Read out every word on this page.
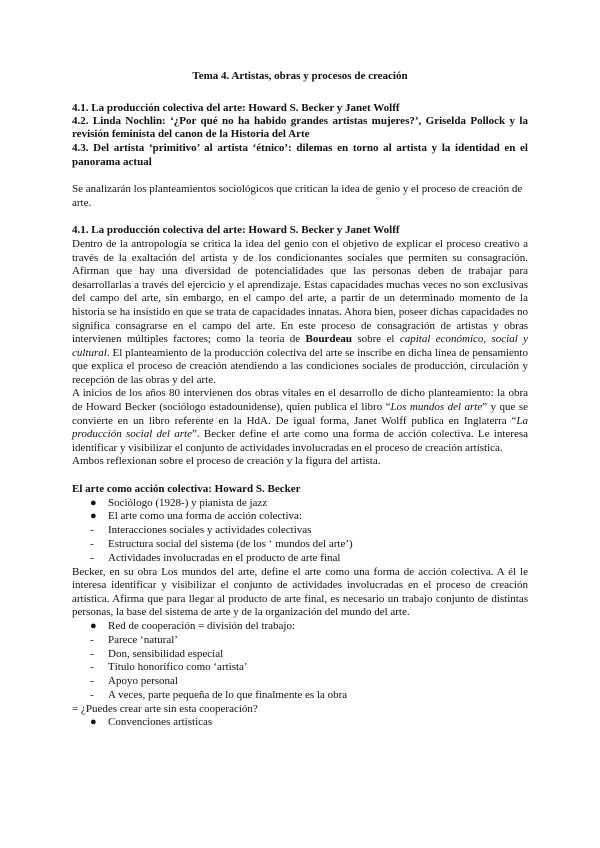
Tema 4. Artistas, obras y procesos de creación

4.1. La producción colectiva del arte: Howard S. Becker y Janet Wolff

4.2. Linda Nochlin: ‘¿Por qué no ha habido grandes artistas mujeres?’, Griselda Pollock y la revisión feminista del canon de la Historia del Arte

4.3. Del artista ‘primitivo’ al artista ‘étnico’: dilemas en torno al artista y la identidad en el panorama actual

Se analizarán los planteamientos sociológicos que critican la idea de genio y el proceso de creación de arte.

4.1. La producción colectiva del arte: Howard S. Becker y Janet Wolff

Dentro de la antropología se critica la idea del genio con el objetivo de explicar el proceso creativo a través de la exaltación del artista y de los condicionantes sociales que permiten su consagración. Afirman que hay una diversidad de potencialidades que las personas deben de trabajar para desarrollarlas a través del ejercicio y el aprendizaje. Estas capacidades muchas veces no son exclusivas del campo del arte, sin embargo, en el campo del arte, a partir de un determinado momento de la historia se ha insistido en que se trata de capacidades innatas. Ahora bien, poseer dichas capacidades no significa consagrarse en el campo del arte. En este proceso de consagración de artistas y obras intervienen múltiples factores; como la teoría de Bourdeau sobre el capital económico, social y cultural. El planteamiento de la producción colectiva del arte se inscribe en dicha línea de pensamiento que explica el proceso de creación atendiendo a las condiciones sociales de producción, circulación y recepción de las obras y del arte.

A inicios de los años 80 intervienen dos obras vitales en el desarrollo de dicho planteamiento: la obra de Howard Becker (sociólogo estadounidense), quien publica el libro “Los mundos del arte” y que se convierte en un libro referente en la HdA. De igual forma, Janet Wolff publica en Inglaterra “La producción social del arte”. Becker define el arte como una forma de acción colectiva. Le interesa identificar y visibilizar el conjunto de actividades involucradas en el proceso de creación artística.

Ambos reflexionan sobre el proceso de creación y la figura del artista.

El arte como acción colectiva: Howard S. Becker
●	Sociólogo (1928-) y pianista de jazz
●	El arte como una forma de acción colectiva:
-	Interacciones sociales y actividades colectivas
-	Estructura social del sistema (de los ‘ mundos del arte’)
-	Actividades involucradas en el producto de arte final

Becker, en su obra Los mundos del arte, define el arte como una forma de acción colectiva. A él le interesa identificar y visibilizar el conjunto de actividades involucradas en el proceso de creación artística. Afirma que para llegar al producto de arte final, es necesario un trabajo conjunto de distintas personas, la base del sistema de arte y de la organización del mundo del arte.

●	Red de cooperación = división del trabajo:
-	Parece ‘natural’
-	Don, sensibilidad especial
-	Título honorífico como ‘artista’
-	Apoyo personal
-	A veces, parte pequeña de lo que finalmente es la obra

= ¿Puedes crear arte sin esta cooperación?

●	Convenciones artísticas
